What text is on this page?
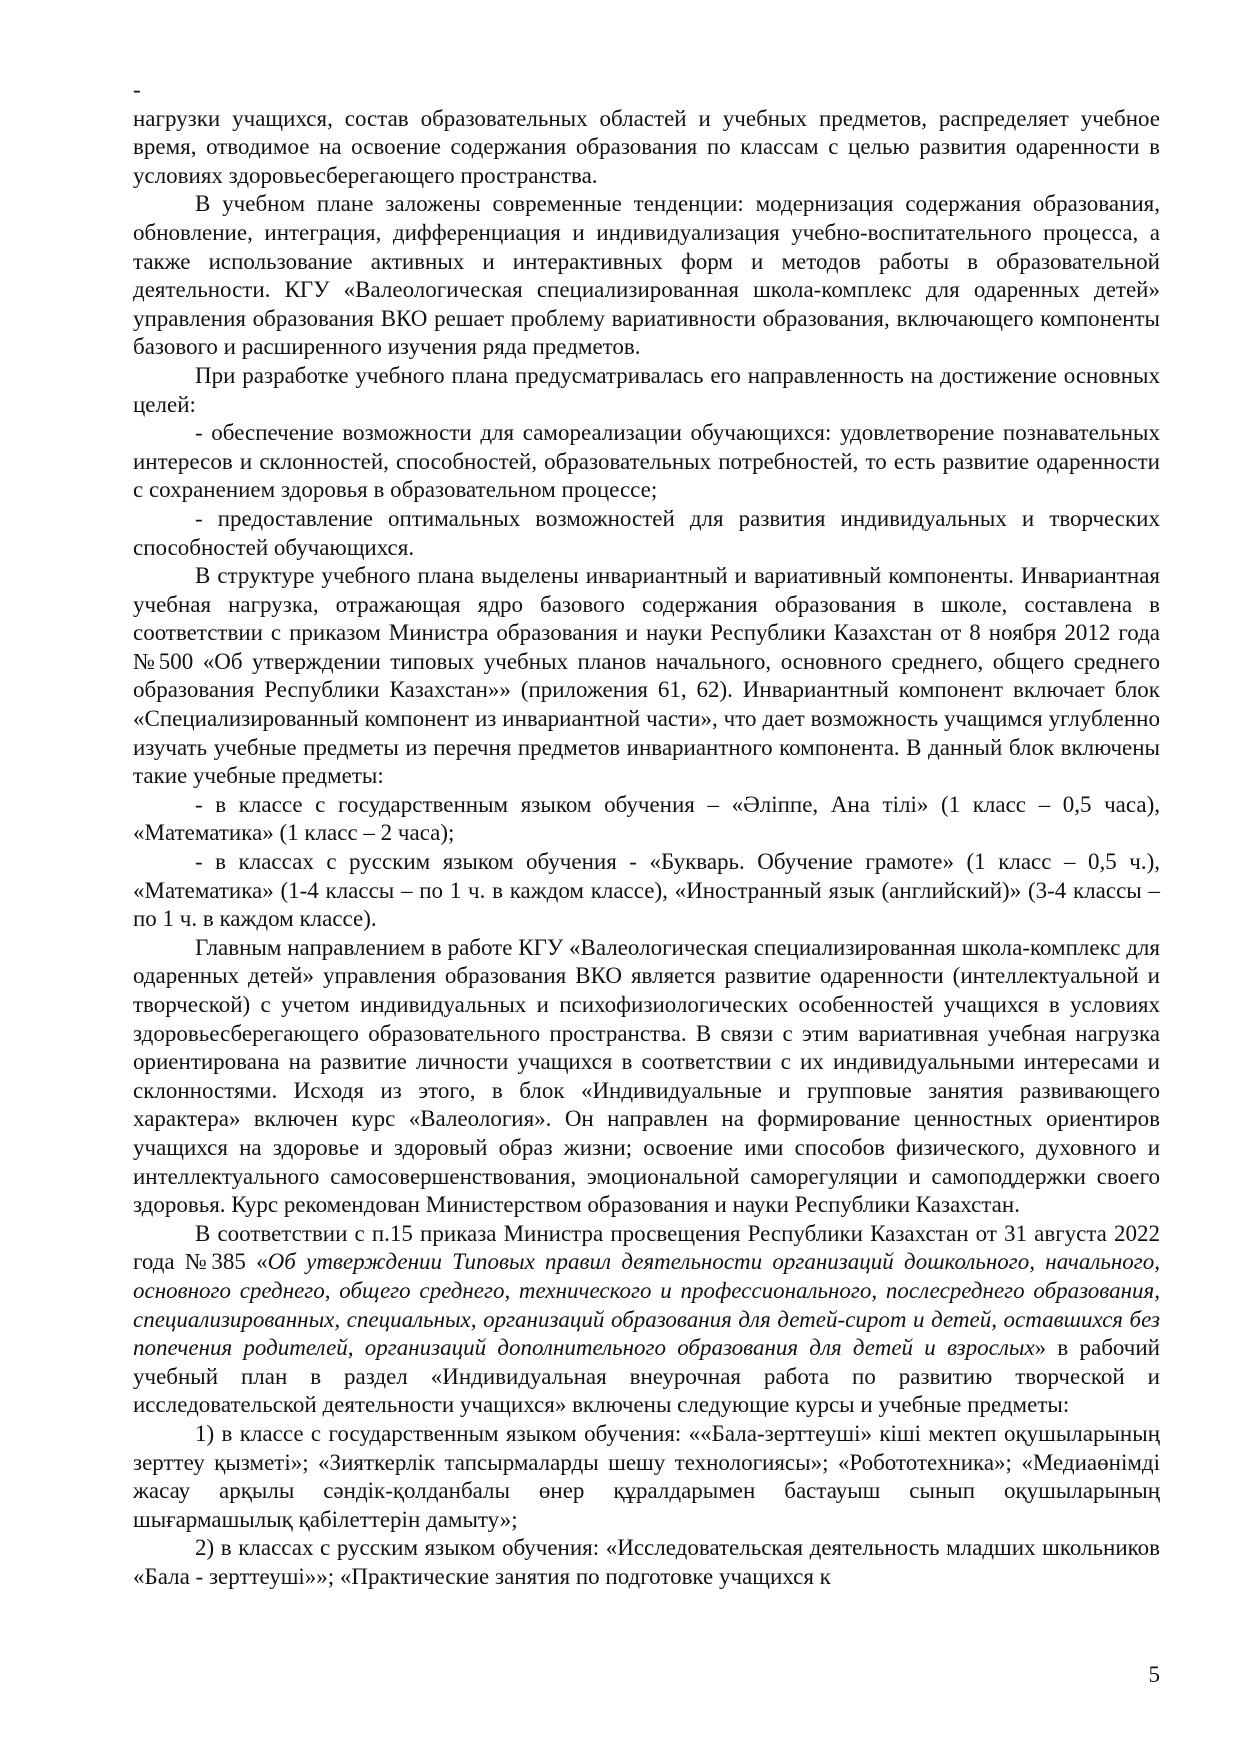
-

нагрузки учащихся, состав образовательных областей и учебных предметов, распределяет учебное время, отводимое на освоение содержания образования по классам с целью развития одаренности в условиях здоровьесберегающего пространства.

В учебном плане заложены современные тенденции: модернизация содержания образования, обновление, интеграция, дифференциация и индивидуализация учебно-воспитательного процесса, а также использование активных и интерактивных форм и методов работы в образовательной деятельности. КГУ «Валеологическая специализированная школа-комплекс для одаренных детей» управления образования ВКО решает проблему вариативности образования, включающего компоненты базового и расширенного изучения ряда предметов.

При разработке учебного плана предусматривалась его направленность на достижение основных целей:

- обеспечение возможности для самореализации обучающихся: удовлетворение познавательных интересов и склонностей, способностей, образовательных потребностей, то есть развитие одаренности с сохранением здоровья в образовательном процессе;

- предоставление оптимальных возможностей для развития индивидуальных и творческих способностей обучающихся.

В структуре учебного плана выделены инвариантный и вариативный компоненты. Инвариантная учебная нагрузка, отражающая ядро базового содержания образования в школе, составлена в соответствии с приказом Министра образования и науки Республики Казахстан от 8 ноября 2012 года №500 «Об утверждении типовых учебных планов начального, основного среднего, общего среднего образования Республики Казахстан»» (приложения 61, 62). Инвариантный компонент включает блок «Специализированный компонент из инвариантной части», что дает возможность учащимся углубленно изучать учебные предметы из перечня предметов инвариантного компонента. В данный блок включены такие учебные предметы:

- в классе с государственным языком обучения – «Әліппе, Ана тілі» (1 класс – 0,5 часа), «Математика» (1 класс – 2 часа);

- в классах с русским языком обучения - «Букварь. Обучение грамоте» (1 класс – 0,5 ч.), «Математика» (1-4 классы – по 1 ч. в каждом классе), «Иностранный язык (английский)» (3-4 классы – по 1 ч. в каждом классе).

Главным направлением в работе КГУ «Валеологическая специализированная школа-комплекс для одаренных детей» управления образования ВКО является развитие одаренности (интеллектуальной и творческой) с учетом индивидуальных и психофизиологических особенностей учащихся в условиях здоровьесберегающего образовательного пространства. В связи с этим вариативная учебная нагрузка ориентирована на развитие личности учащихся в соответствии с их индивидуальными интересами и склонностями. Исходя из этого, в блок «Индивидуальные и групповые занятия развивающего характера» включен курс «Валеология». Он направлен на формирование ценностных ориентиров учащихся на здоровье и здоровый образ жизни; освоение ими способов физического, духовного и интеллектуального самосовершенствования, эмоциональной саморегуляции и самоподдержки своего здоровья. Курс рекомендован Министерством образования и науки Республики Казахстан.

В соответствии с п.15 приказа Министра просвещения Республики Казахстан от 31 августа 2022 года №385 «Об утверждении Типовых правил деятельности организаций дошкольного, начального, основного среднего, общего среднего, технического и профессионального, послесреднего образования, специализированных, специальных, организаций образования для детей-сирот и детей, оставшихся без попечения родителей, организаций дополнительного образования для детей и взрослых» в рабочий учебный план в раздел «Индивидуальная внеурочная работа по развитию творческой и исследовательской деятельности учащихся» включены следующие курсы и учебные предметы:

1) в классе с государственным языком обучения: ««Бала-зерттеуші» кіші мектеп оқушыларының зерттеу қызметі»; «Зияткерлік тапсырмаларды шешу технологиясы»; «Робототехника»; «Медиаөнімді жасау арқылы сәндік-қолданбалы өнер құралдарымен бастауыш сынып оқушыларының шығармашылық қабілеттерін дамыту»;

2) в классах с русским языком обучения: «Исследовательская деятельность младших школьников «Бала - зерттеуші»»; «Практические занятия по подготовке учащихся к

5
